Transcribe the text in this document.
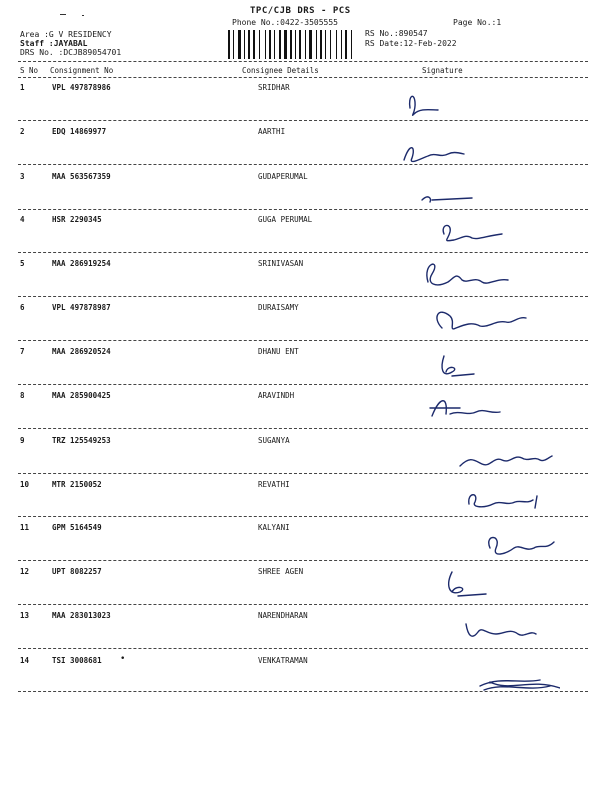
TPC/CJB DRS - PCS
Phone No.:0422-3505555	Page No.:1
Area :G V RESIDENCY
Staff :JAYABAL
DRS No. :DCJB89054701
RS No.:890547
RS Date:12-Feb-2022
S No Consignment No	Consignee Details	Signature
1	VPL 497878986	SRIDHAR
2	EDQ 14869977	AARTHI
3	MAA 563567359	GUDAPERUMAL
4	HSR 2290345	GUGA PERUMAL
5	MAA 286919254	SRINIVASAN
6	VPL 497878987	DURAISAMY
7	MAA 286920524	DHANU ENT
8	MAA 285900425	ARAVINDH
9	TRZ 125549253	SUGANYA
10	MTR 2150052	REVATHI
11	GPM 5164549	KALYANI
12	UPT 8082257	SHREE AGEN
13	MAA 283013023	NARENDHARAN
14	TSI 3008681	VENKATRAMAN
•
